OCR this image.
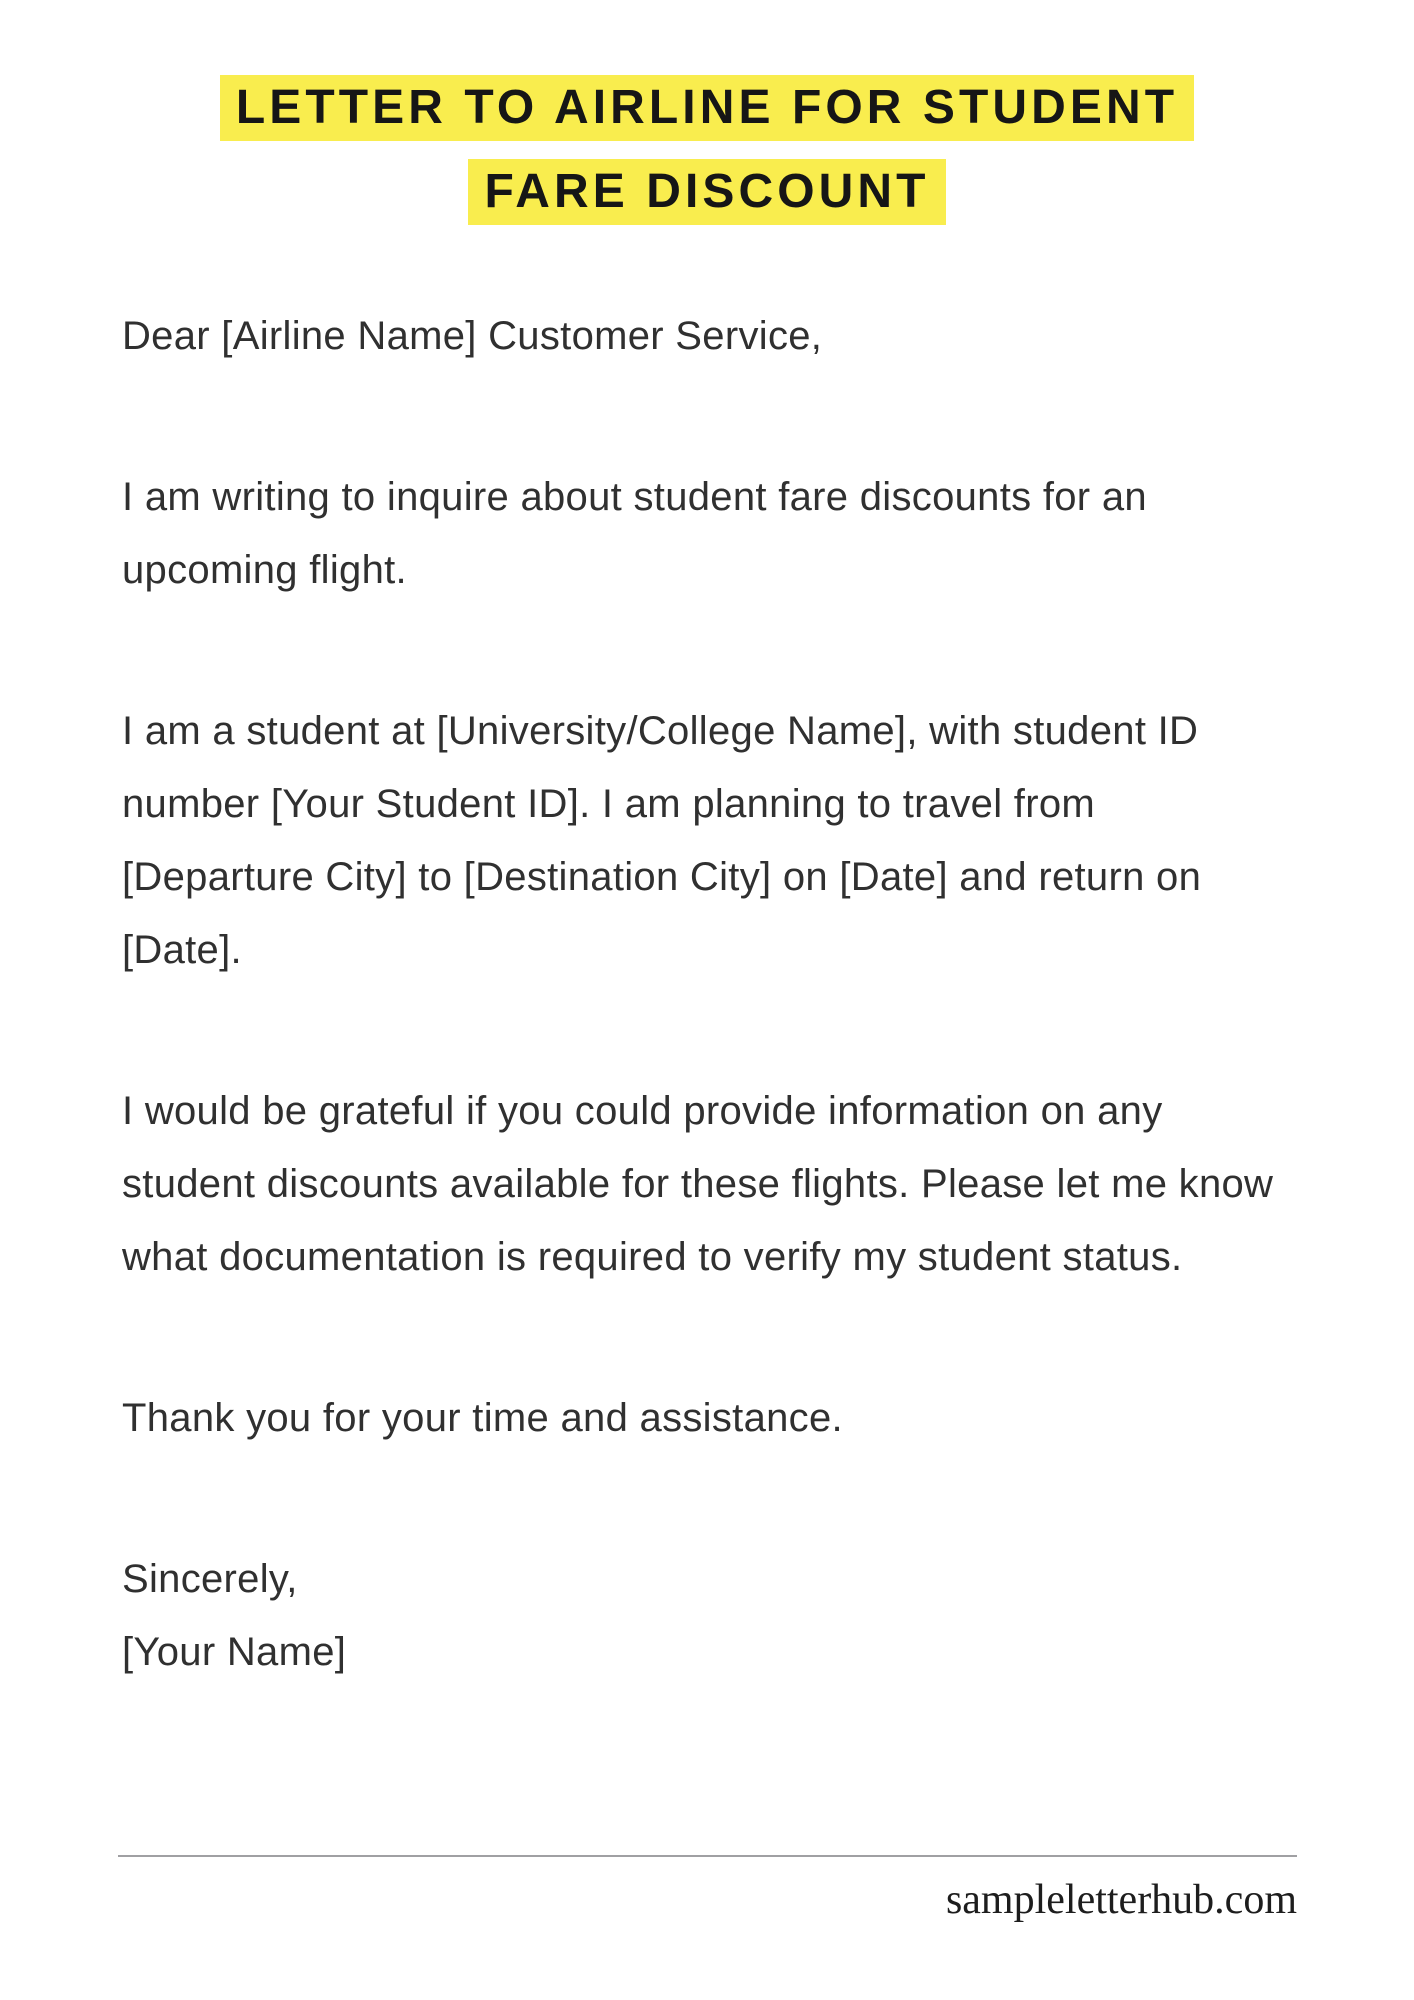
LETTER TO AIRLINE FOR STUDENT
FARE DISCOUNT

Dear [Airline Name] Customer Service,

I am writing to inquire about student fare discounts for an upcoming flight.

I am a student at [University/College Name], with student ID number [Your Student ID]. I am planning to travel from [Departure City] to [Destination City] on [Date] and return on [Date].

I would be grateful if you could provide information on any student discounts available for these flights. Please let me know what documentation is required to verify my student status.

Thank you for your time and assistance.

Sincerely,

[Your Name]

sampleletterhub.com
